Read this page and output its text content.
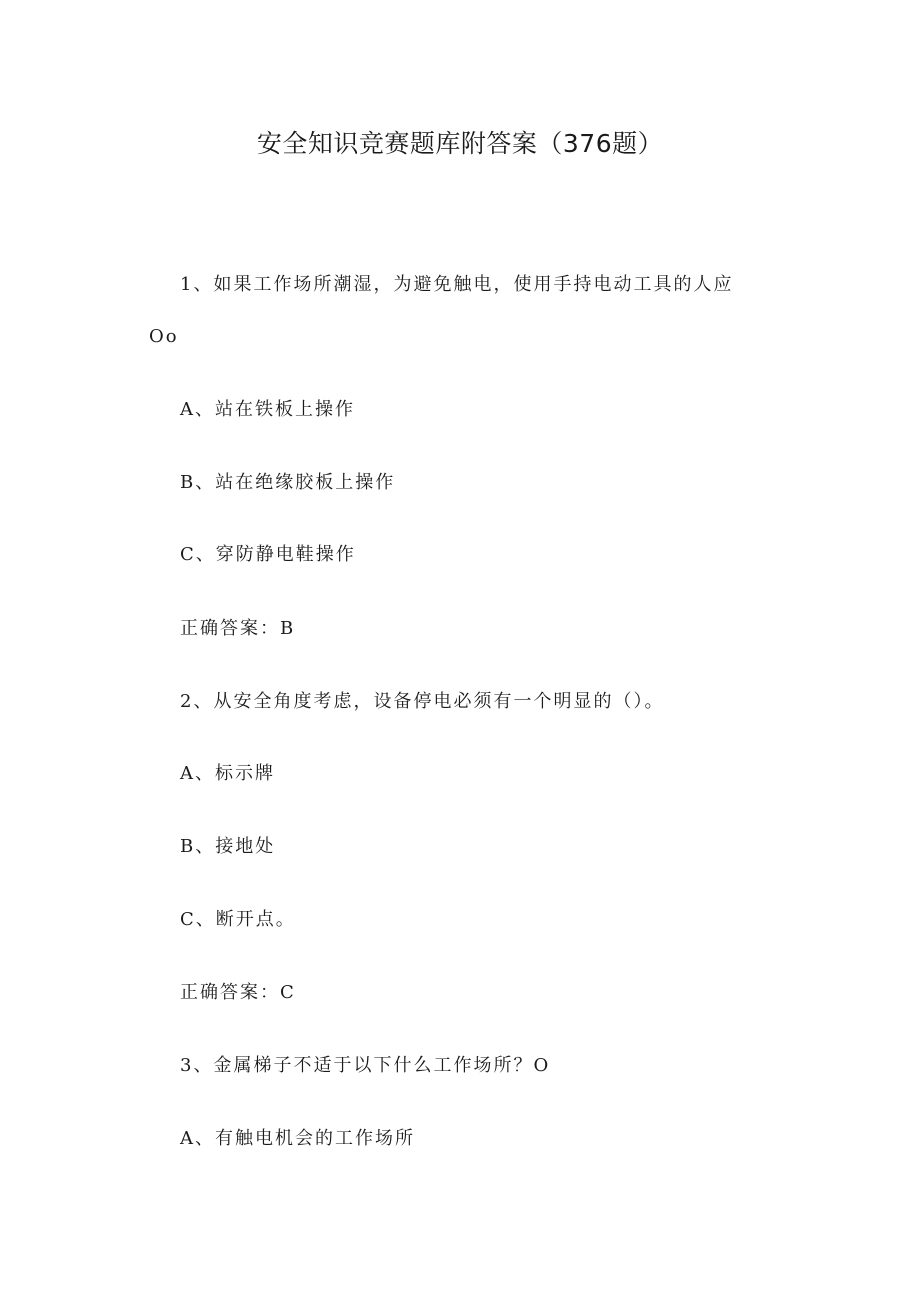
安全知识竞赛题库附答案（376题）

1、如果工作场所潮湿，为避免触电，使用手持电动工具的人应

Oo

A、站在铁板上操作

B、站在绝缘胶板上操作

C、穿防静电鞋操作

正确答案：B

2、从安全角度考虑，设备停电必须有一个明显的（）。

A、标示牌

B、接地处

C、断开点。

正确答案：C

3、金属梯子不适于以下什么工作场所？O

A、有触电机会的工作场所
